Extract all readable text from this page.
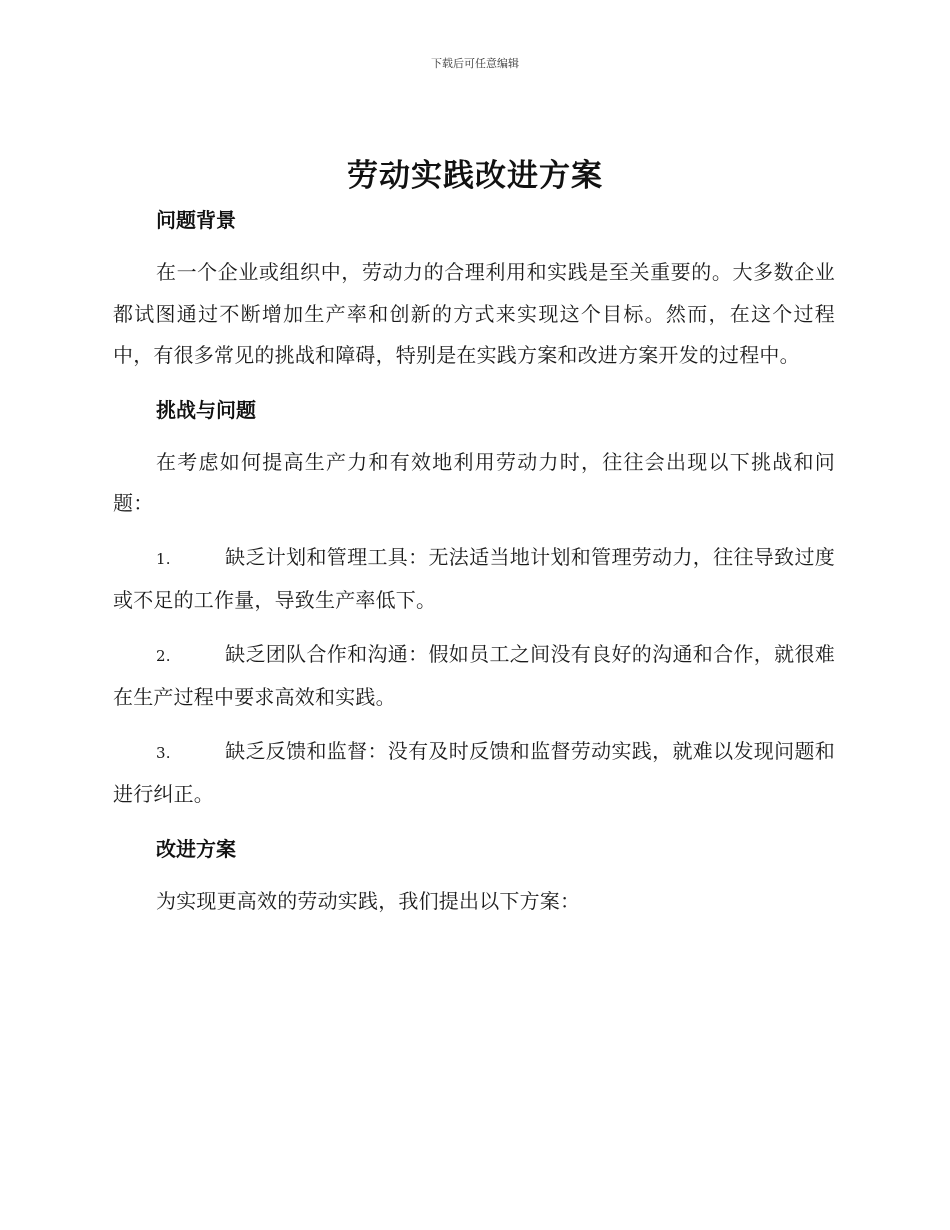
下载后可任意编辑
劳动实践改进方案
问题背景

在一个企业或组织中，劳动力的合理利用和实践是至关重要的。大多数企业都试图通过不断增加生产率和创新的方式来实现这个目标。然而，在这个过程中，有很多常见的挑战和障碍，特别是在实践方案和改进方案开发的过程中。

挑战与问题

在考虑如何提高生产力和有效地利用劳动力时，往往会出现以下挑战和问题：

1.	缺乏计划和管理工具：无法适当地计划和管理劳动力，往往导致过度或不足的工作量，导致生产率低下。

2.	缺乏团队合作和沟通：假如员工之间没有良好的沟通和合作，就很难在生产过程中要求高效和实践。

3.	缺乏反馈和监督：没有及时反馈和监督劳动实践，就难以发现问题和进行纠正。

改进方案

为实现更高效的劳动实践，我们提出以下方案：
